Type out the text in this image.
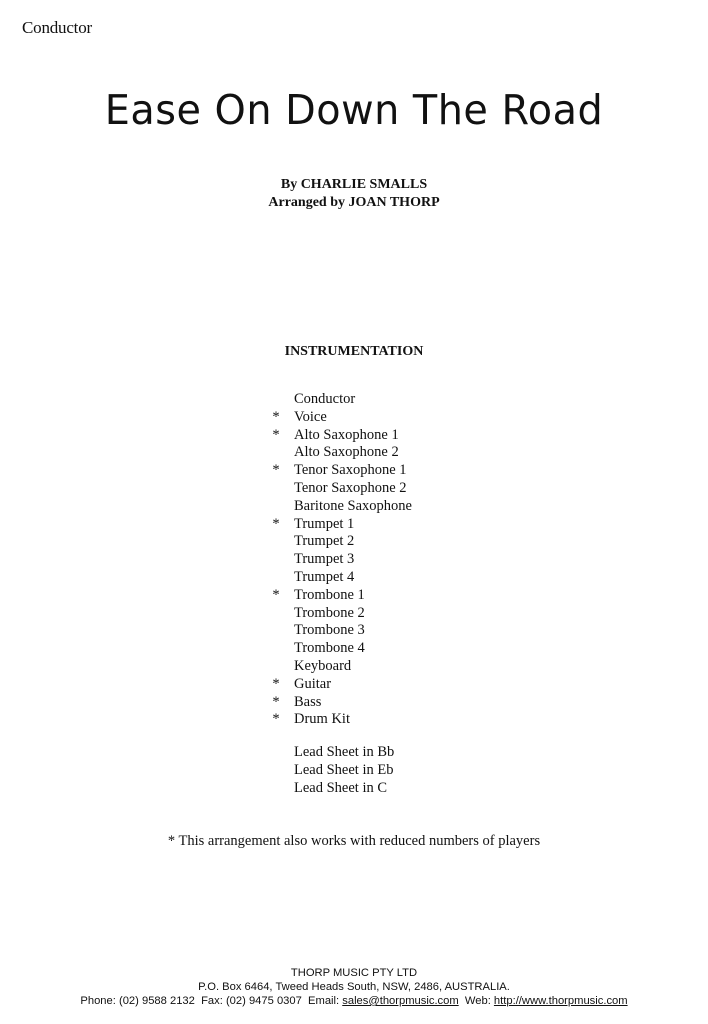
Conductor
Ease On Down The Road
By CHARLIE SMALLS
Arranged by JOAN THORP
INSTRUMENTATION
Conductor
* Voice
* Alto Saxophone 1
Alto Saxophone 2
* Tenor Saxophone 1
Tenor Saxophone 2
Baritone Saxophone
* Trumpet 1
Trumpet 2
Trumpet 3
Trumpet 4
* Trombone 1
Trombone 2
Trombone 3
Trombone 4
Keyboard
* Guitar
* Bass
* Drum Kit
Lead Sheet in Bb
Lead Sheet in Eb
Lead Sheet in C
* This arrangement also works with reduced numbers of players
THORP MUSIC PTY LTD
P.O. Box 6464, Tweed Heads South, NSW, 2486, AUSTRALIA.
Phone: (02) 9588 2132  Fax: (02) 9475 0307  Email: sales@thorpmusic.com  Web: http://www.thorpmusic.com
